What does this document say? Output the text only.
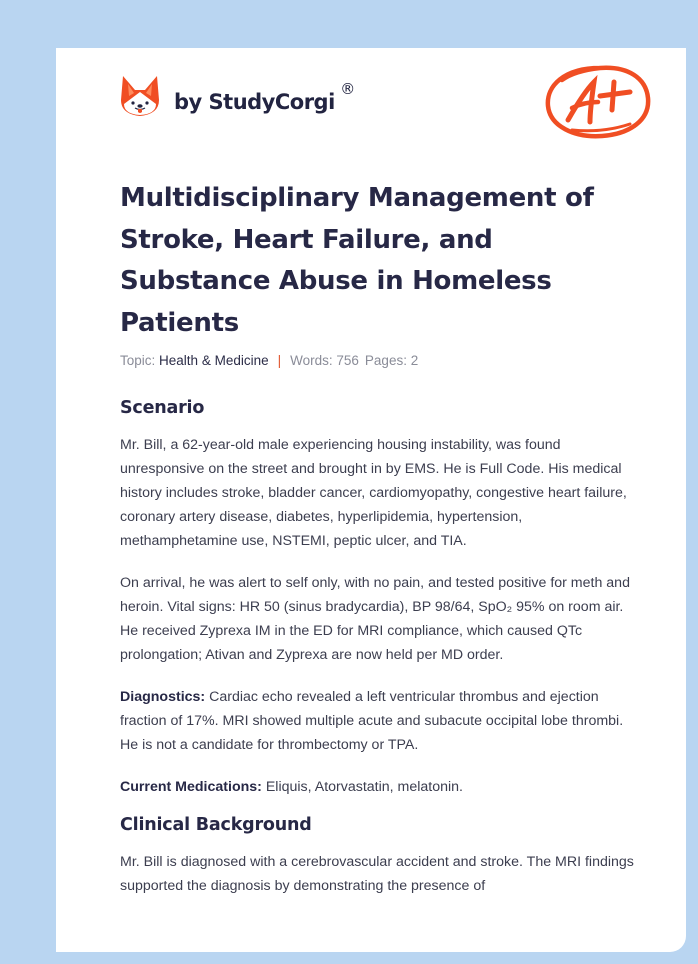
by StudyCorgi
®
Multidisciplinary Management of Stroke, Heart Failure, and Substance Abuse in Homeless Patients
Topic: Health & Medicine | Words: 756 Pages: 2
Scenario

Mr. Bill, a 62-year-old male experiencing housing instability, was found unresponsive on the street and brought in by EMS. He is Full Code. His medical history includes stroke, bladder cancer, cardiomyopathy, congestive heart failure, coronary artery disease, diabetes, hyperlipidemia, hypertension, methamphetamine use, NSTEMI, peptic ulcer, and TIA.

On arrival, he was alert to self only, with no pain, and tested positive for meth and heroin. Vital signs: HR 50 (sinus bradycardia), BP 98/64, SpO₂ 95% on room air. He received Zyprexa IM in the ED for MRI compliance, which caused QTc prolongation; Ativan and Zyprexa are now held per MD order.

Diagnostics: Cardiac echo revealed a left ventricular thrombus and ejection fraction of 17%. MRI showed multiple acute and subacute occipital lobe thrombi. He is not a candidate for thrombectomy or TPA.

Current Medications: Eliquis, Atorvastatin, melatonin.

Clinical Background

Mr. Bill is diagnosed with a cerebrovascular accident and stroke. The MRI findings supported the diagnosis by demonstrating the presence of
